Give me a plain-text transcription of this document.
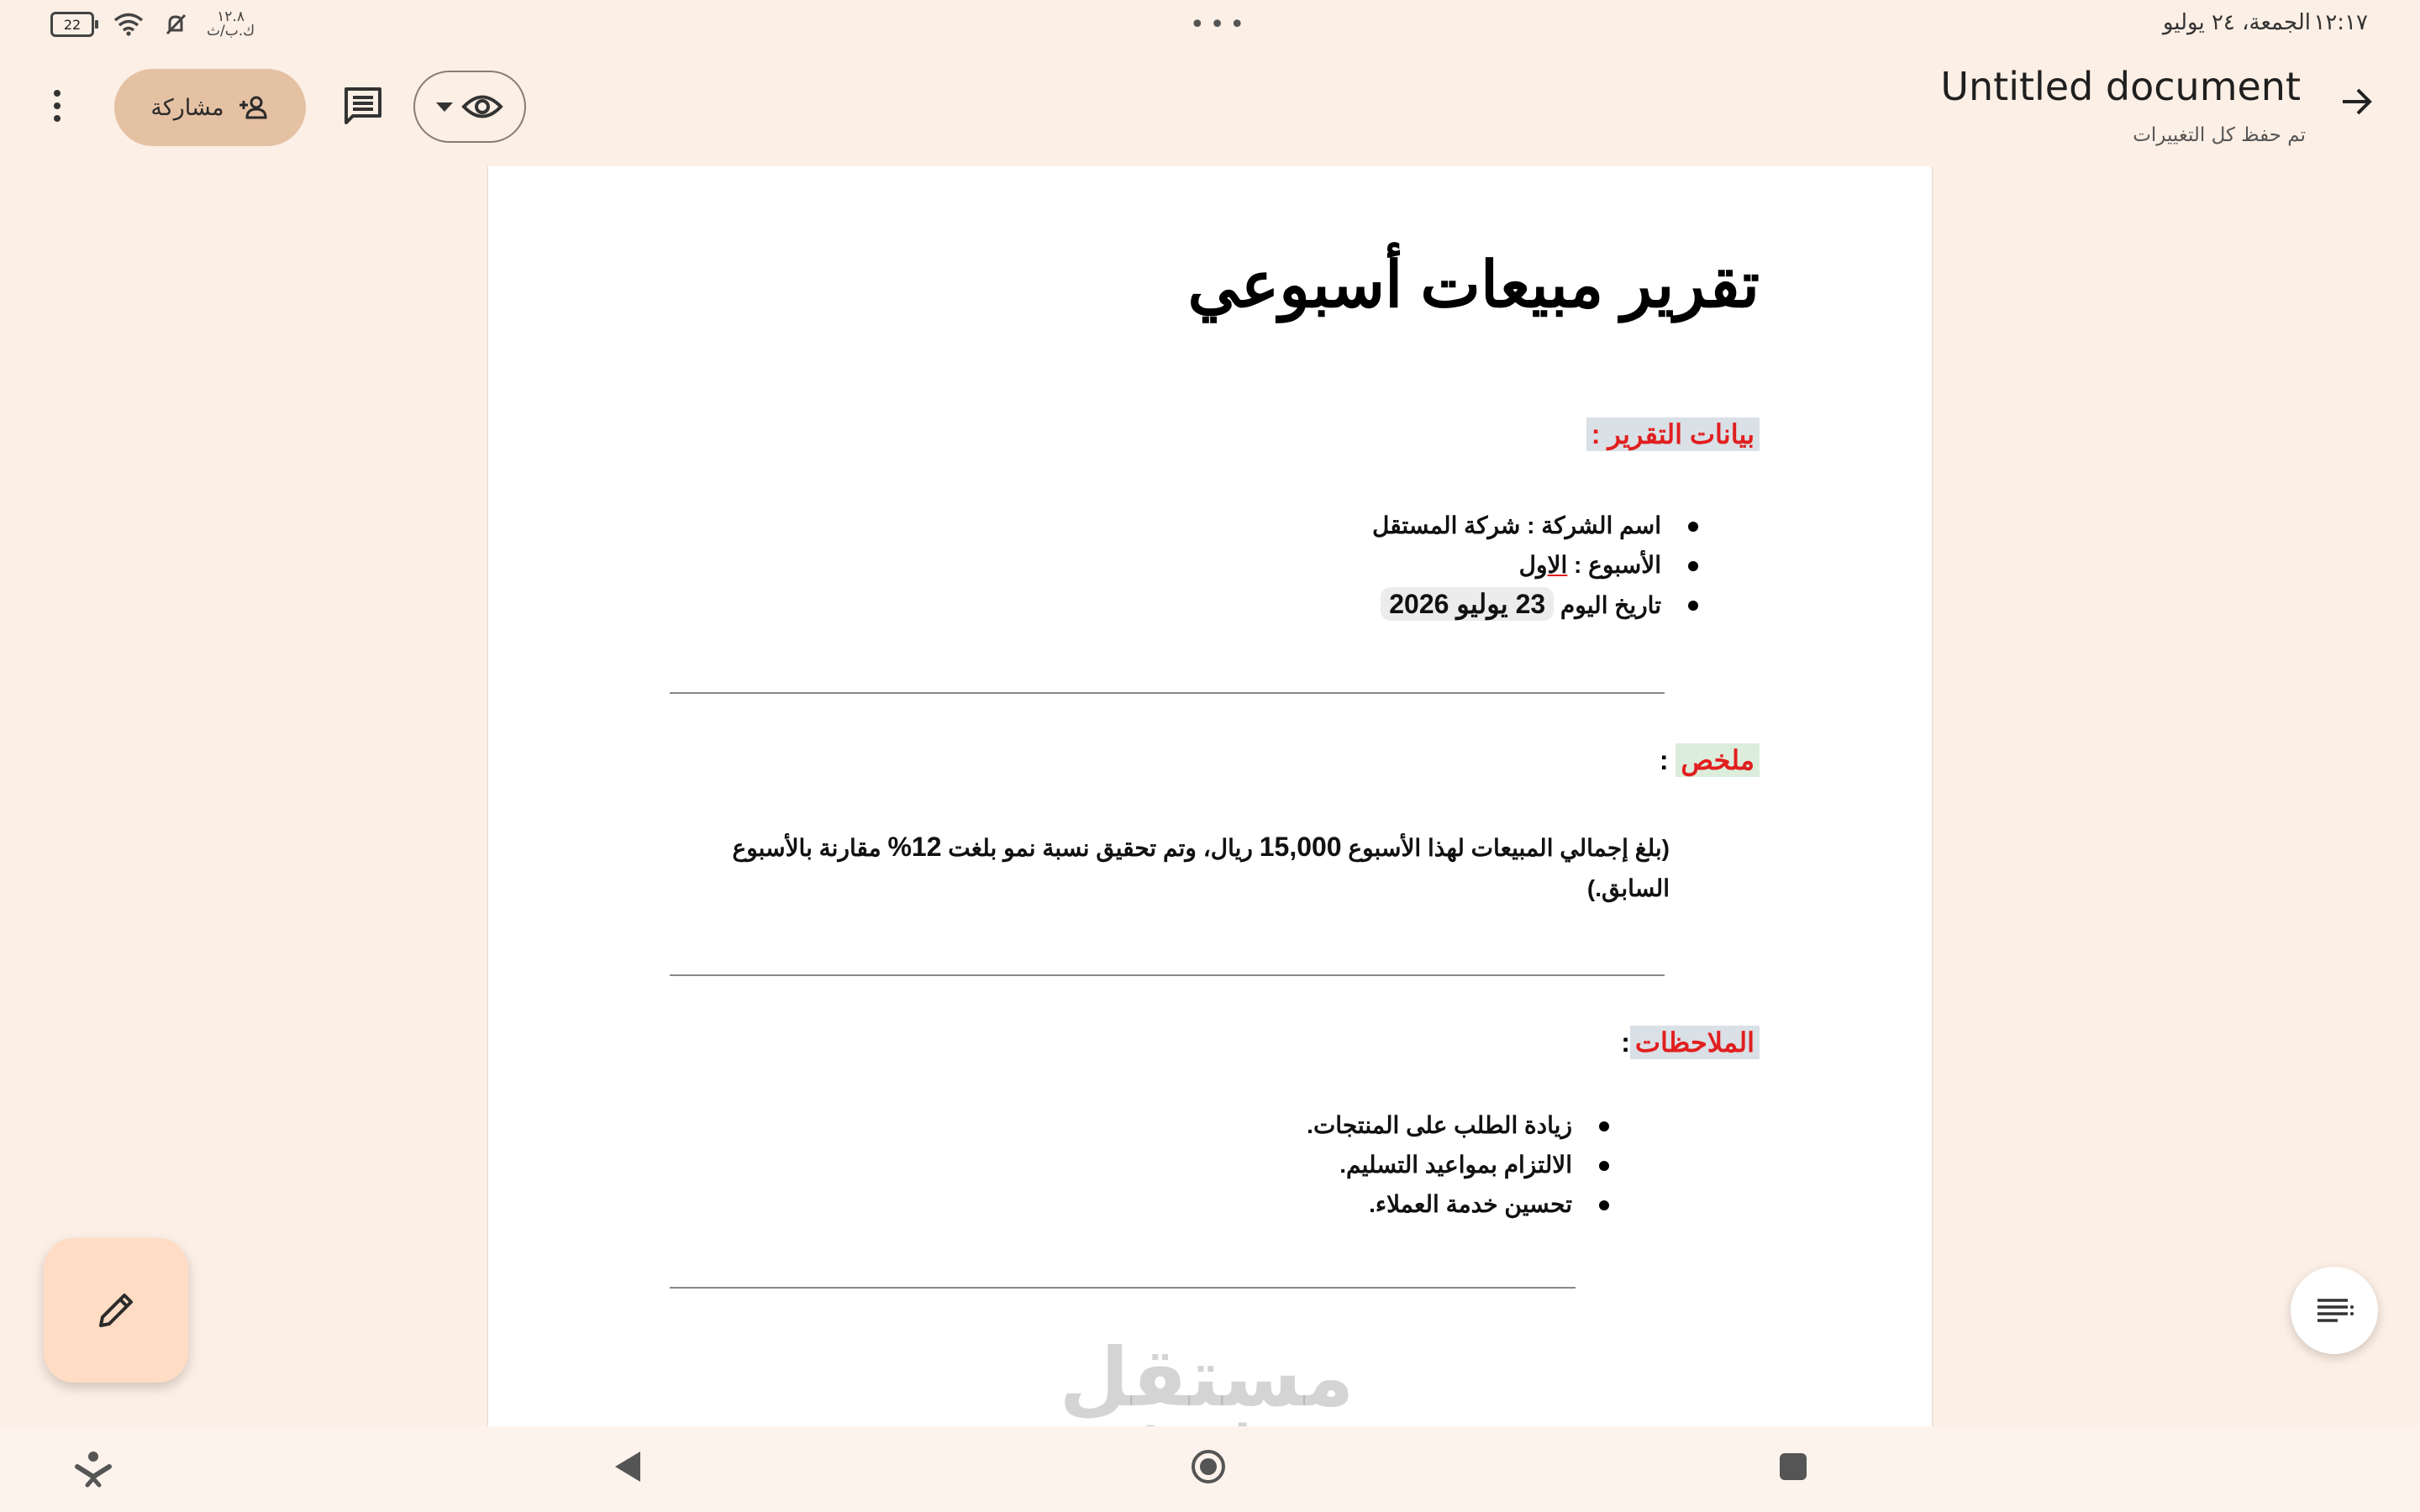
22	١٢.٨
ك.ب/ث	•••	الجمعة، ٢٤ يوليو ١٢:١٧
Untitled document
تم حفظ كل التغييرات
مشاركة
تقرير مبيعات أسبوعي
بيانات التقرير :
اسم الشركة : شركة المستقل
الأسبوع : الاول
تاريخ اليوم 23 يوليو 2026
ملخص :
(بلغ إجمالي المبيعات لهذا الأسبوع 15,000 ريال، وتم تحقيق نسبة نمو بلغت 12% مقارنة بالأسبوع السابق.)
الملاحظات:
زيادة الطلب على المنتجات.
الالتزام بمواعيد التسليم.
تحسين خدمة العملاء.
مستقل
